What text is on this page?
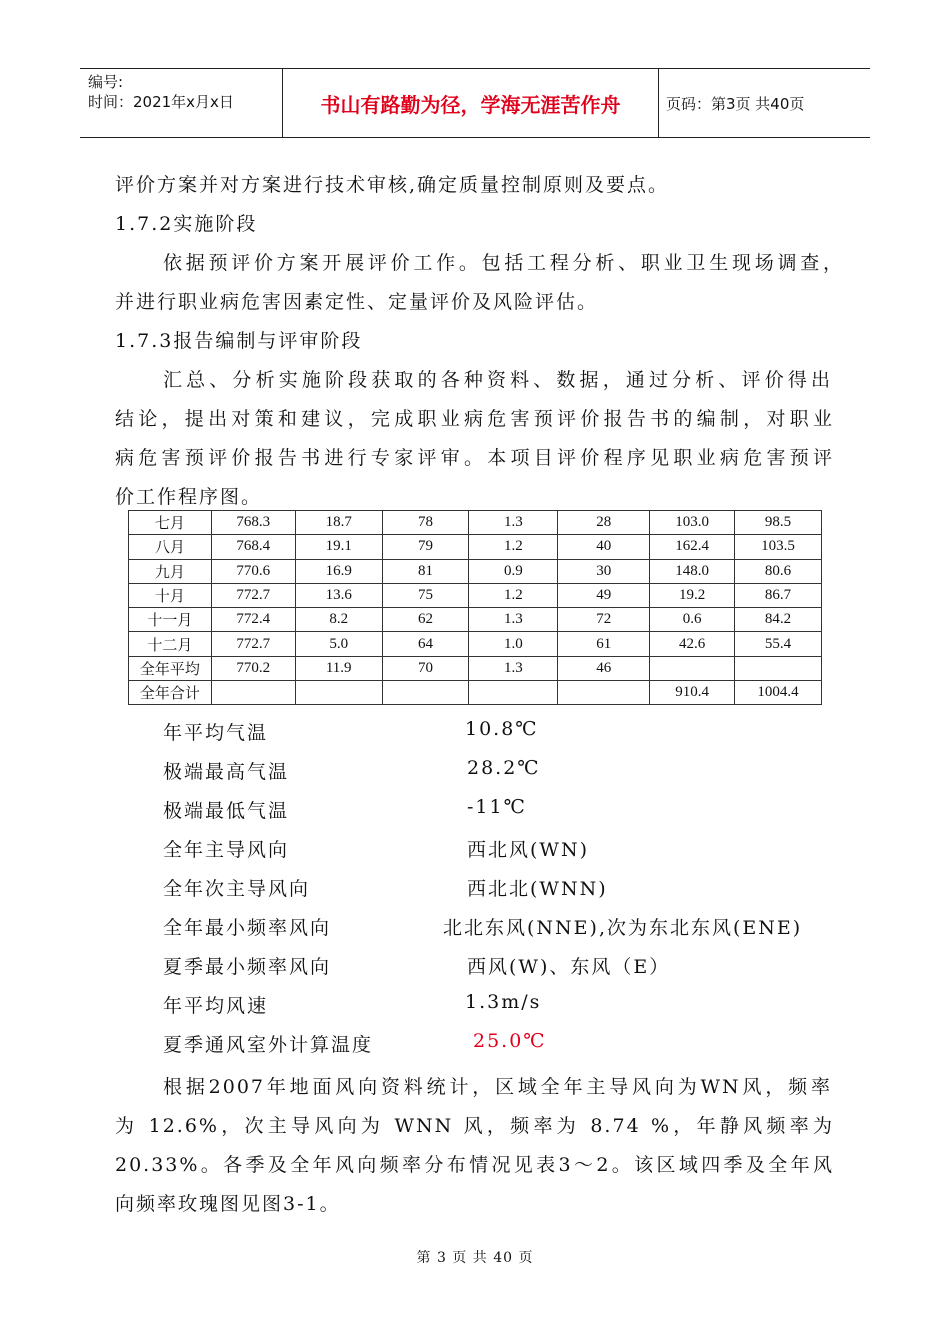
编号:
时间：2021年x月x日	书山有路勤为径，学海无涯苦作舟	页码：第3页 共40页
评价方案并对方案进行技术审核,确定质量控制原则及要点。
1.7.2实施阶段
依据预评价方案开展评价工作。包括工程分析、职业卫生现场调查，
并进行职业病危害因素定性、定量评价及风险评估。
1.7.3报告编制与评审阶段
汇总、分析实施阶段获取的各种资料、数据，通过分析、评价得出
结论，提出对策和建议，完成职业病危害预评价报告书的编制，对职业
病危害预评价报告书进行专家评审。本项目评价程序见职业病危害预评
价工作程序图。
七月	768.3	18.7	78	1.3	28	103.0	98.5
八月	768.4	19.1	79	1.2	40	162.4	103.5
九月	770.6	16.9	81	0.9	30	148.0	80.6
十月	772.7	13.6	75	1.2	49	19.2	86.7
十一月	772.4	8.2	62	1.3	72	0.6	84.2
十二月	772.7	5.0	64	1.0	61	42.6	55.4
全年平均	770.2	11.9	70	1.3	46		
全年合计						910.4	1004.4
年平均气温	10.8℃
极端最高气温	28.2℃
极端最低气温	-11℃
全年主导风向	西北风(WN)
全年次主导风向	西北北(WNN)
全年最小频率风向	北北东风(NNE),次为东北东风(ENE)
夏季最小频率风向	西风(W)、东风（E）
年平均风速	1.3m/s
夏季通风室外计算温度	25.0℃
根据2007年地面风向资料统计，区域全年主导风向为WN风，频率
为 12.6%，次主导风向为 WNN 风，频率为 8.74 %，年静风频率为
20.33%。各季及全年风向频率分布情况见表3～2。该区域四季及全年风
向频率玫瑰图见图3-1。
第 3 页 共 40 页
